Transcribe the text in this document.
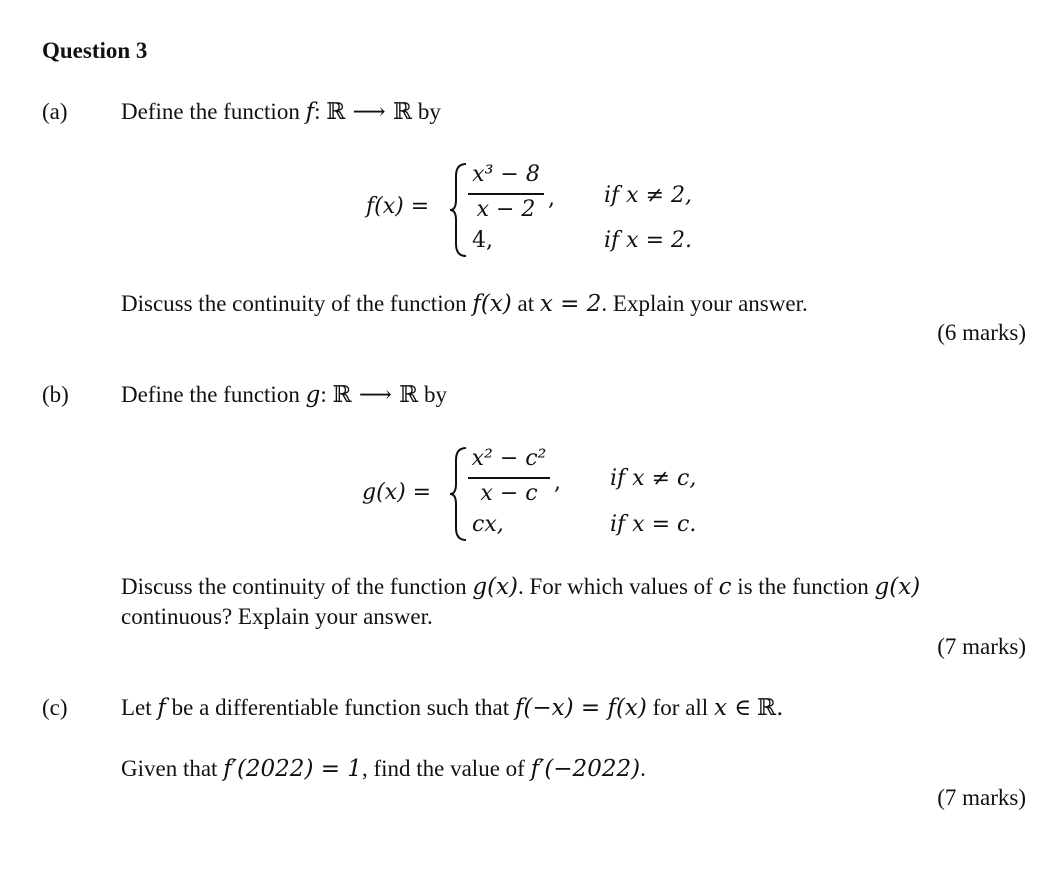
Question 3
(a) Define the function f: ℝ ⟶ ℝ by
f(x) =
x³ − 8
x − 2 ,
4,
if x ≠ 2,
if x = 2.
Discuss the continuity of the function f(x) at x = 2. Explain your answer.
(6 marks)
(b) Define the function g: ℝ ⟶ ℝ by
g(x) =
x² − c²
x − c ,
cx,
if x ≠ c,
if x = c.
Discuss the continuity of the function g(x). For which values of c is the function g(x)
continuous? Explain your answer.
(7 marks)
(c) Let f be a differentiable function such that f(−x) = f(x) for all x ∈ ℝ.
Given that f′(2022) = 1, find the value of f′(−2022).
(7 marks)
